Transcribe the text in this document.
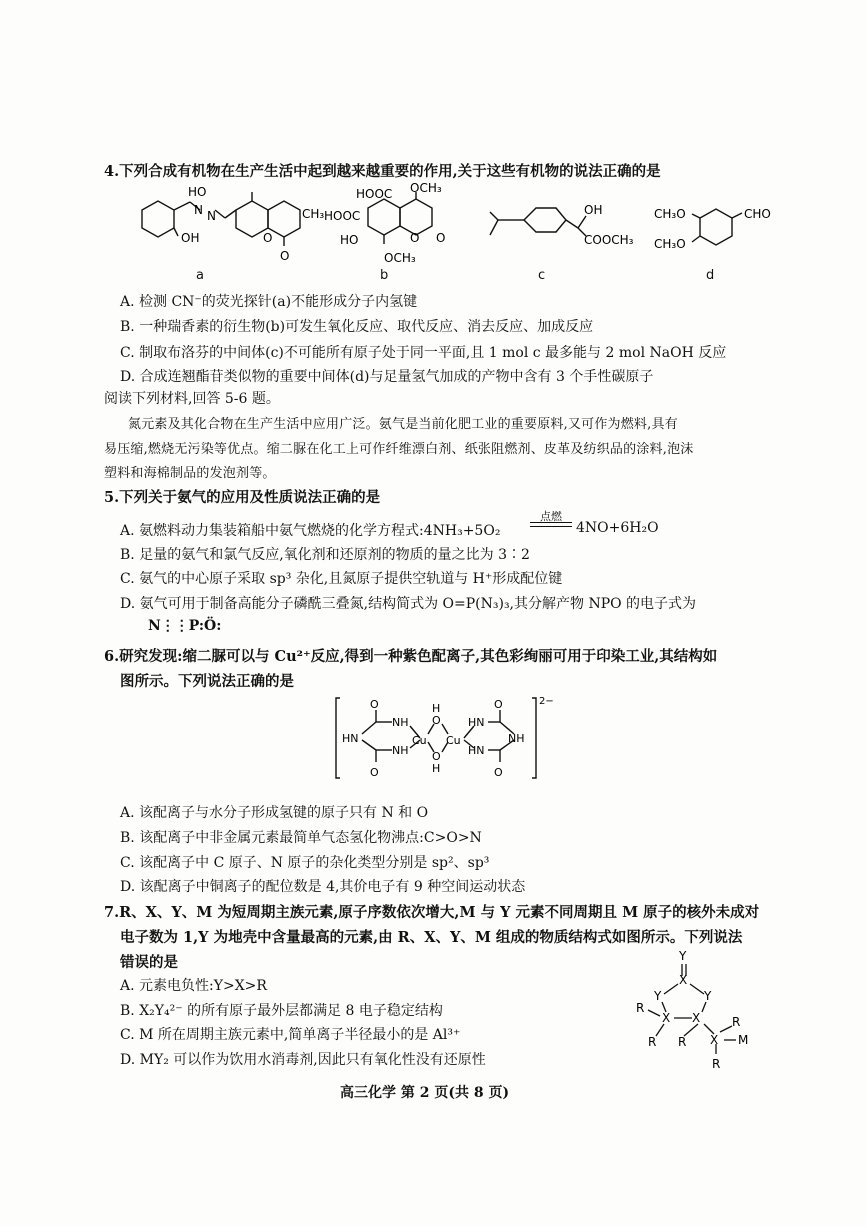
4.下列合成有机物在生产生活中起到越来越重要的作用,关于这些有机物的说法正确的是
OH
N N
HO
CH₃
O
O
a
HOOC
HOOC
OCH₃
HO
OCH₃
O O
b
OH
COOCH₃
c
CH₃O
CH₃O
CHO
d
A. 检测 CN⁻的荧光探针(a)不能形成分子内氢键
B. 一种瑞香素的衍生物(b)可发生氧化反应、取代反应、消去反应、加成反应
C. 制取布洛芬的中间体(c)不可能所有原子处于同一平面,且 1 mol c 最多能与 2 mol NaOH 反应
D. 合成连翘酯苷类似物的重要中间体(d)与足量氢气加成的产物中含有 3 个手性碳原子
阅读下列材料,回答 5-6 题。
氮元素及其化合物在生产生活中应用广泛。氨气是当前化肥工业的重要原料,又可作为燃料,具有
易压缩,燃烧无污染等优点。缩二脲在化工上可作纤维漂白剂、纸张阻燃剂、皮革及纺织品的涂料,泡沫
塑料和海棉制品的发泡剂等。
5.下列关于氨气的应用及性质说法正确的是
A. 氨燃料动力集装箱船中氨气燃烧的化学方程式:4NH₃+5O₂
点燃
4NO+6H₂O
B. 足量的氨气和氯气反应,氧化剂和还原剂的物质的量之比为 3∶2
C. 氨气的中心原子采取 sp³ 杂化,且氮原子提供空轨道与 H⁺形成配位键
D. 氨气可用于制备高能分子磷酰三叠氮,结构简式为 O=P(N₃)₃,其分解产物 NPO 的电子式为
N⋮⋮P:Ö:
6.研究发现:缩二脲可以与 Cu²⁺反应,得到一种紫色配离子,其色彩绚丽可用于印染工业,其结构如
图所示。下列说法正确的是
O
O
HN
NH
NH
Cu Cu
H
O
O
H
HN
HN
O
O
NH
2−
A. 该配离子与水分子形成氢键的原子只有 N 和 O
B. 该配离子中非金属元素最简单气态氢化物沸点:C>O>N
C. 该配离子中 C 原子、N 原子的杂化类型分别是 sp²、sp³
D. 该配离子中铜离子的配位数是 4,其价电子有 9 种空间运动状态
7.R、X、Y、M 为短周期主族元素,原子序数依次增大,M 与 Y 元素不同周期且 M 原子的核外未成对
电子数为 1,Y 为地壳中含量最高的元素,由 R、X、Y、M 组成的物质结构式如图所示。下列说法
错误的是
A. 元素电负性:Y>X>R
B. X₂Y₄²⁻ 的所有原子最外层都满足 8 电子稳定结构
C. M 所在周期主族元素中,简单离子半径最小的是 Al³⁺
D. MY₂ 可以作为饮用水消毒剂,因此只有氧化性没有还原性
Y
X
Y	Y
X X
R
R R X
R
M
R
高三化学 第 2 页(共 8 页)
